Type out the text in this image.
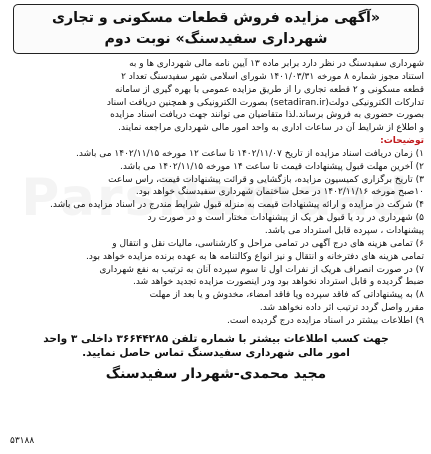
«آگهی مزایده فروش قطعات مسکونی و تجاری
شهرداری سفیدسنگ» نوبت دوم
شهرداری سفیدسنگ در نظر دارد برابر ماده ۱۳ آیین نامه مالی شهرداری ها و به
استناد مجوز شماره ۸ مورخه ۱۴۰۱/۰۳/۳۱ شورای اسلامی شهر سفیدسنگ تعداد ۲
قطعه مسکونی و ۲ قطعه تجاری را از طریق مزایده عمومی با بهره گیری از سامانه
تدارکات الکترونیکی دولت(setadiran.ir) بصورت الکترونیکی و همچنین دریافت اسناد
بصورت حضوری به فروش برساند.لذا متقاضیان می توانند جهت دریافت اسناد مزایده
و اطلاع از شرایط آن در ساعات اداری به واحد امور مالی شهرداری مراجعه نمایند.
توضیحات:
۱) زمان دریافت اسناد مزایده از تاریخ ۱۴۰۲/۱۱/۰۷ تا ساعت ۱۲ مورخه ۱۴۰۲/۱۱/۱۵ می باشد.
۲) آخرین مهلت قبول پیشنهادات قیمت تا ساعت ۱۴ مورخه ۱۴۰۲/۱۱/۱۵ می باشد.
۳) تاریخ برگزاری کمیسیون مزایده، بازگشایی و قرائت پیشنهادات قیمت، راس ساعت
۱۰صبح مورخه ۱۴۰۲/۱۱/۱۶ در محل ساختمان شهرداری سفیدسنگ خواهد بود.
۴) شرکت در مزایده و ارائه پیشنهادات قیمت به منزله قبول شرایط مندرج در اسناد مزایده می باشد.
۵) شهرداری در رد یا قبول هر یک از پیشنهادات مختار است و در صورت رد
پیشنهادات ، سپرده قابل استرداد می باشد.
۶) تمامی هزینه های درج آگهی در تمامی مراحل و کارشناسی، مالیات نقل و انتقال و
تمامی هزینه های دفترخانه و انتقال و نیز انواع وکالتنامه ها به عهده برنده مزایده خواهد بود.
۷) در صورت انصراف هریک از نفرات اول تا سوم سپرده آنان به ترتیب به نفع شهرداری
ضبط گردیده و قابل استرداد نخواهد بود ودر اینصورت مزایده تجدید خواهد شد.
۸) به پیشنهاداتی که فاقد سپرده ویا فاقد امضاء، مخدوش و یا بعد از مهلت
مقرر واصل گردد ترتیب اثر داده نخواهد شد.
۹) اطلاعات بیشتر در اسناد مزایده درج گردیده است.
جهت کسب اطلاعات بیشتر با شماره تلفن ۳۶۶۴۴۲۸۵ داخلی ۳ واحد
امور مالی شهرداری سفیدسنگ تماس حاصل نمایید.
مجید محمدی-شهردار سفیدسنگ
۵۳۱۸۸
